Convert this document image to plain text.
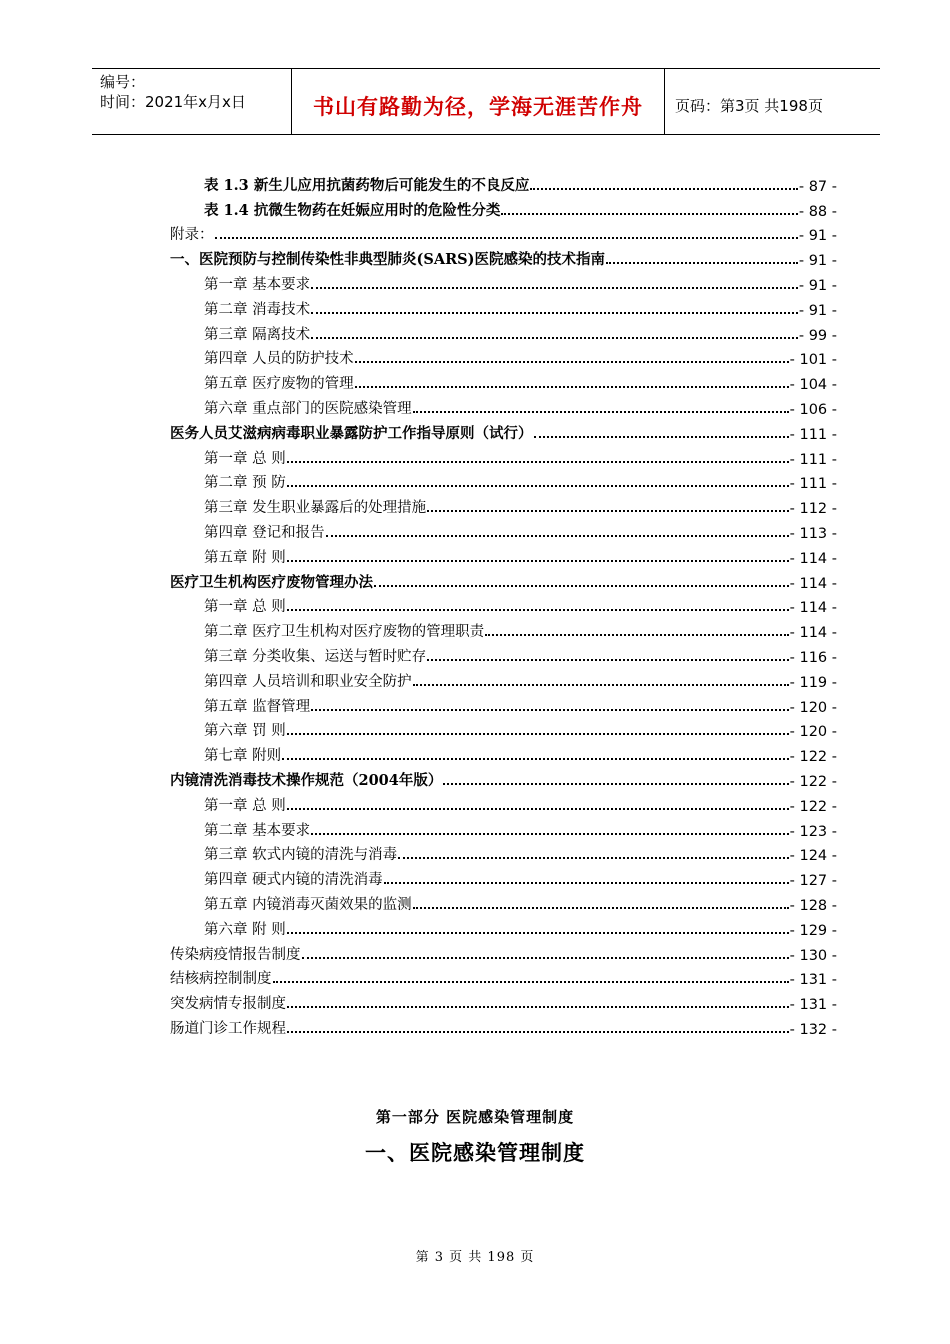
编号：
时间：2021年x月x日	书山有路勤为径，学海无涯苦作舟	页码：第3页 共198页
表 1.3 新生儿应用抗菌药物后可能发生的不良反应	- 87 -
表 1.4 抗微生物药在妊娠应用时的危险性分类	- 88 -
附录：	- 91 -
一、医院预防与控制传染性非典型肺炎(SARS)医院感染的技术指南	- 91 -
第一章 基本要求	- 91 -
第二章 消毒技术	- 91 -
第三章 隔离技术	- 99 -
第四章 人员的防护技术	- 101 -
第五章 医疗废物的管理	- 104 -
第六章 重点部门的医院感染管理	- 106 -
医务人员艾滋病病毒职业暴露防护工作指导原则（试行）	- 111 -
第一章 总 则	- 111 -
第二章 预 防	- 111 -
第三章 发生职业暴露后的处理措施	- 112 -
第四章 登记和报告	- 113 -
第五章 附 则	- 114 -
医疗卫生机构医疗废物管理办法	- 114 -
第一章 总 则	- 114 -
第二章 医疗卫生机构对医疗废物的管理职责	- 114 -
第三章 分类收集、运送与暂时贮存	- 116 -
第四章 人员培训和职业安全防护	- 119 -
第五章 监督管理	- 120 -
第六章 罚 则	- 120 -
第七章 附则	- 122 -
内镜清洗消毒技术操作规范（2004年版）	- 122 -
第一章 总 则	- 122 -
第二章 基本要求	- 123 -
第三章 软式内镜的清洗与消毒	- 124 -
第四章 硬式内镜的清洗消毒	- 127 -
第五章 内镜消毒灭菌效果的监测	- 128 -
第六章 附 则	- 129 -
传染病疫情报告制度	- 130 -
结核病控制制度	- 131 -
突发病情专报制度	- 131 -
肠道门诊工作规程	- 132 -
第一部分 医院感染管理制度
一、医院感染管理制度
第 3 页 共 198 页
